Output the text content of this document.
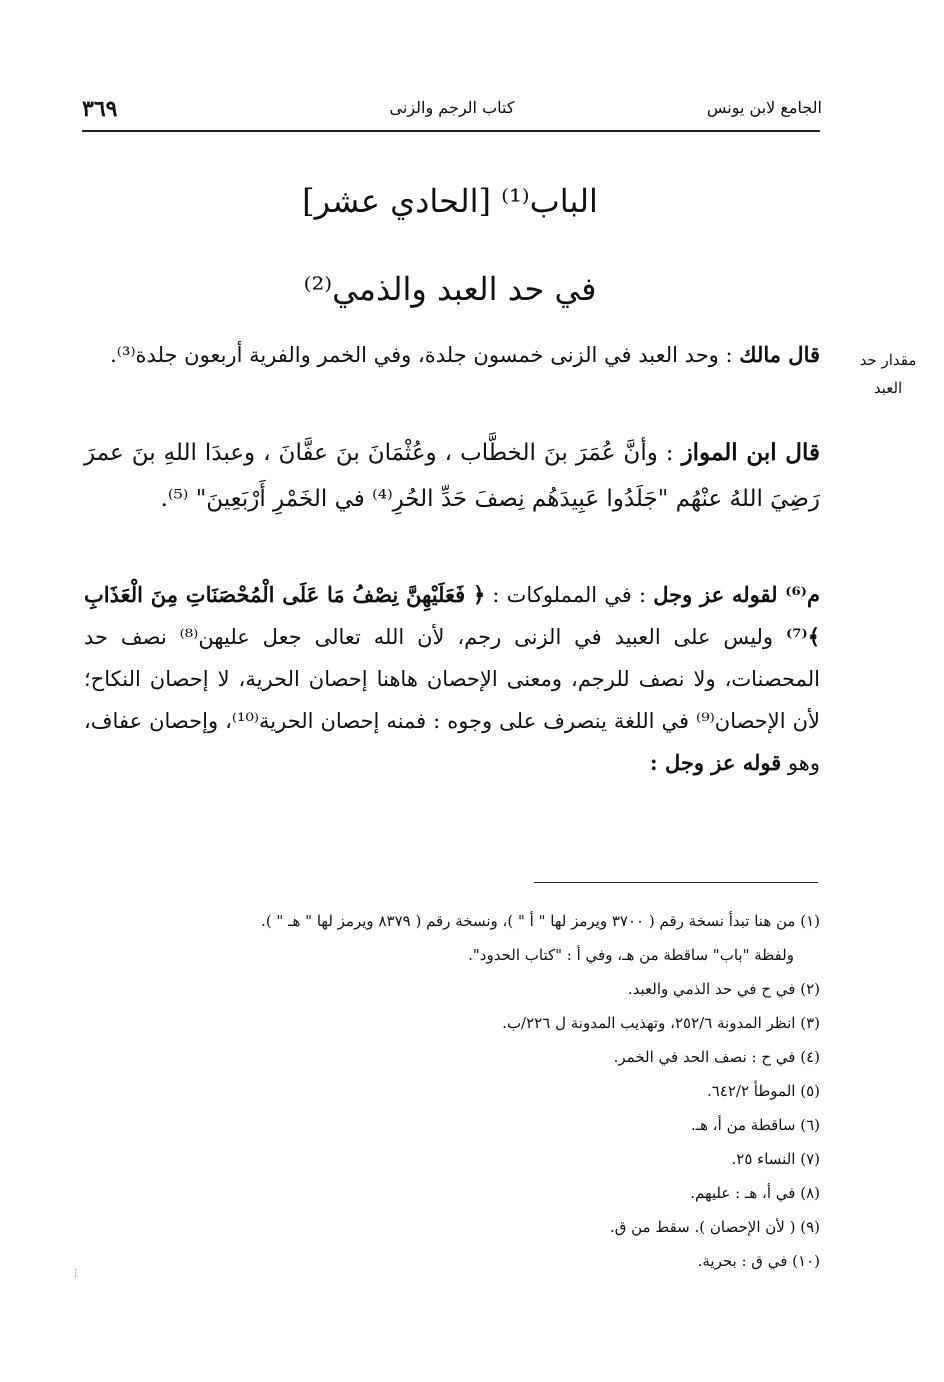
٣٦٩	كتاب الرجم والزنى	الجامع لابن يونس
الباب⁽¹⁾ [الحادي عشر]
في حد العبد والذمي⁽²⁾
مقدار حد العبد
قال مالك : وحد العبد في الزنى خمسون جلدة، وفي الخمر والفرية أربعون جلدة⁽³⁾.
قال ابن المواز : وأنَّ عُمَرَ بنَ الخطَّاب ، وعُثْمَانَ بنَ عفَّانَ ، وعبدَا اللهِ بنَ عمرَ رَضِيَ اللهُ عنْهُم "جَلَدُوا عَبِيدَهُم نِصفَ حَدِّ الحُرِ⁽⁴⁾ في الخَمْرِ أَرْبَعِينَ" ⁽⁵⁾.
م⁽⁶⁾ لقوله عز وجل : في المملوكات : ﴿ فَعَلَيْهِنَّ نِصْفُ مَا عَلَى الْمُحْصَنَاتِ مِنَ الْعَذَابِ ﴾⁽⁷⁾ وليس على العبيد في الزنى رجم، لأن الله تعالى جعل عليهن⁽⁸⁾ نصف حد المحصنات، ولا نصف للرجم، ومعنى الإحصان هاهنا إحصان الحرية، لا إحصان النكاح؛ لأن الإحصان⁽⁹⁾ في اللغة ينصرف على وجوه : فمنه إحصان الحرية⁽¹⁰⁾، وإحصان عفاف، وهو قوله عز وجل :
(١) من هنا تبدأ نسخة رقم ( ٣٧٠٠ ويرمز لها " أ " )، ونسخة رقم ( ٨٣٧٩ ويرمز لها " هـ " ).
ولفظة "باب" ساقطة من هـ، وفي أ : "كتاب الحدود".
(٢) في ح في حد الذمي والعبد.
(٣) انظر المدونة ٢٥٢/٦، وتهذيب المدونة ل ٢٢٦/ب.
(٤) في ح : نصف الحد في الخمر.
(٥) الموطأ ٦٤٢/٢.
(٦) ساقطة من أ، هـ.
(٧) النساء ٢٥.
(٨) في أ، هـ : عليهم.
(٩) ( لأن الإحصان ). سقط من ق.
(١٠) في ق : بحرية.
⁞
